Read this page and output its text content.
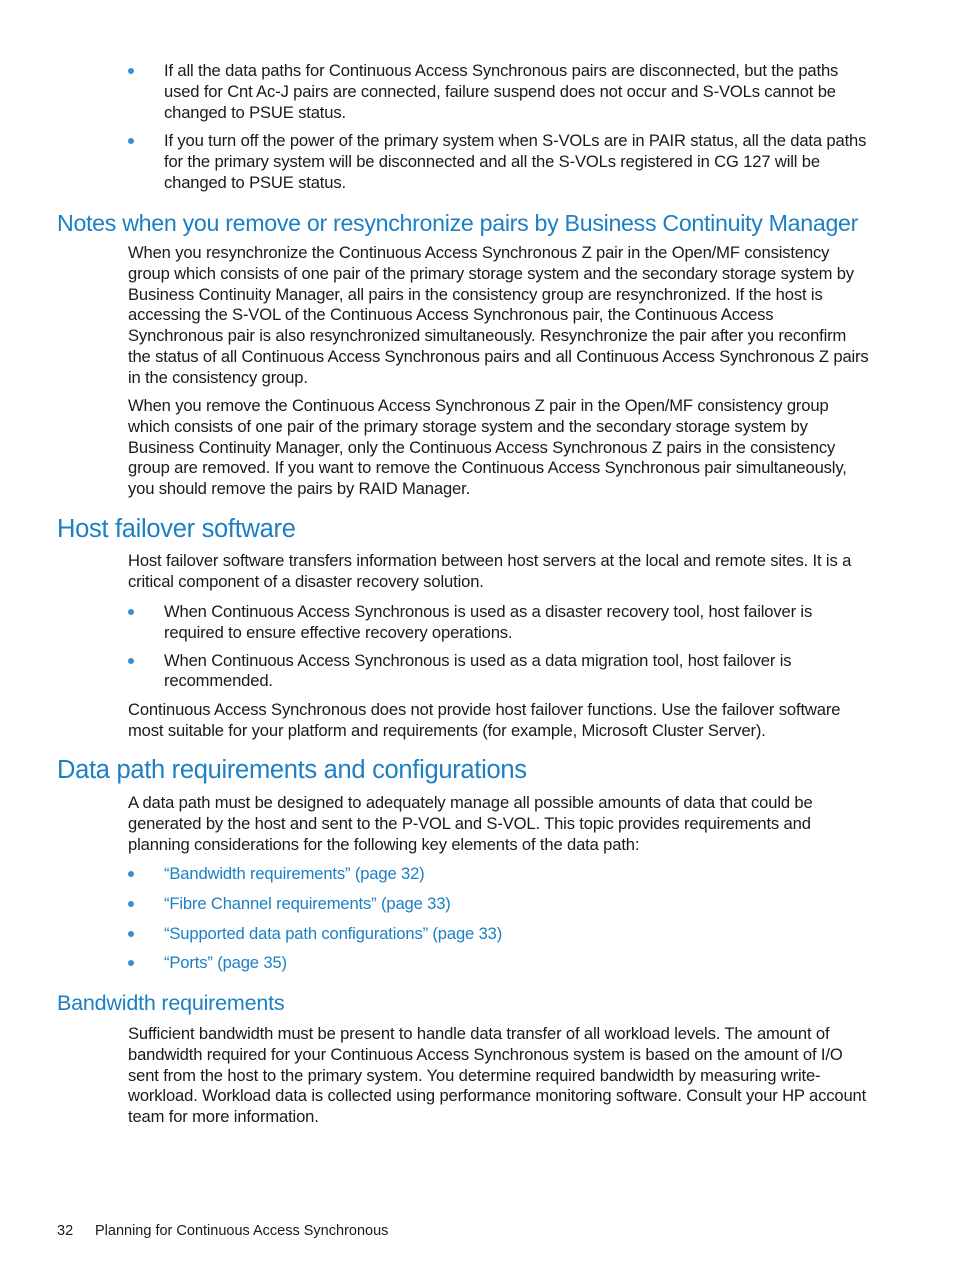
If all the data paths for Continuous Access Synchronous pairs are disconnected, but the paths used for Cnt Ac-J pairs are connected, failure suspend does not occur and S-VOLs cannot be changed to PSUE status.
If you turn off the power of the primary system when S-VOLs are in PAIR status, all the data paths for the primary system will be disconnected and all the S-VOLs registered in CG 127 will be changed to PSUE status.
Notes when you remove or resynchronize pairs by Business Continuity Manager

When you resynchronize the Continuous Access Synchronous Z pair in the Open/MF consistency group which consists of one pair of the primary storage system and the secondary storage system by Business Continuity Manager, all pairs in the consistency group are resynchronized. If the host is accessing the S-VOL of the Continuous Access Synchronous pair, the Continuous Access Synchronous pair is also resynchronized simultaneously. Resynchronize the pair after you reconfirm the status of all Continuous Access Synchronous pairs and all Continuous Access Synchronous Z pairs in the consistency group.

When you remove the Continuous Access Synchronous Z pair in the Open/MF consistency group which consists of one pair of the primary storage system and the secondary storage system by Business Continuity Manager, only the Continuous Access Synchronous Z pairs in the consistency group are removed. If you want to remove the Continuous Access Synchronous pair simultaneously, you should remove the pairs by RAID Manager.

Host failover software

Host failover software transfers information between host servers at the local and remote sites. It is a critical component of a disaster recovery solution.

When Continuous Access Synchronous is used as a disaster recovery tool, host failover is required to ensure effective recovery operations.
When Continuous Access Synchronous is used as a data migration tool, host failover is recommended.

Continuous Access Synchronous does not provide host failover functions. Use the failover software most suitable for your platform and requirements (for example, Microsoft Cluster Server).

Data path requirements and configurations

A data path must be designed to adequately manage all possible amounts of data that could be generated by the host and sent to the P-VOL and S-VOL. This topic provides requirements and planning considerations for the following key elements of the data path:

“Bandwidth requirements” (page 32)
“Fibre Channel requirements” (page 33)
“Supported data path configurations” (page 33)
“Ports” (page 35)
Bandwidth requirements

Sufficient bandwidth must be present to handle data transfer of all workload levels. The amount of bandwidth required for your Continuous Access Synchronous system is based on the amount of I/O sent from the host to the primary system. You determine required bandwidth by measuring write-workload. Workload data is collected using performance monitoring software. Consult your HP account team for more information.

32 Planning for Continuous Access Synchronous
